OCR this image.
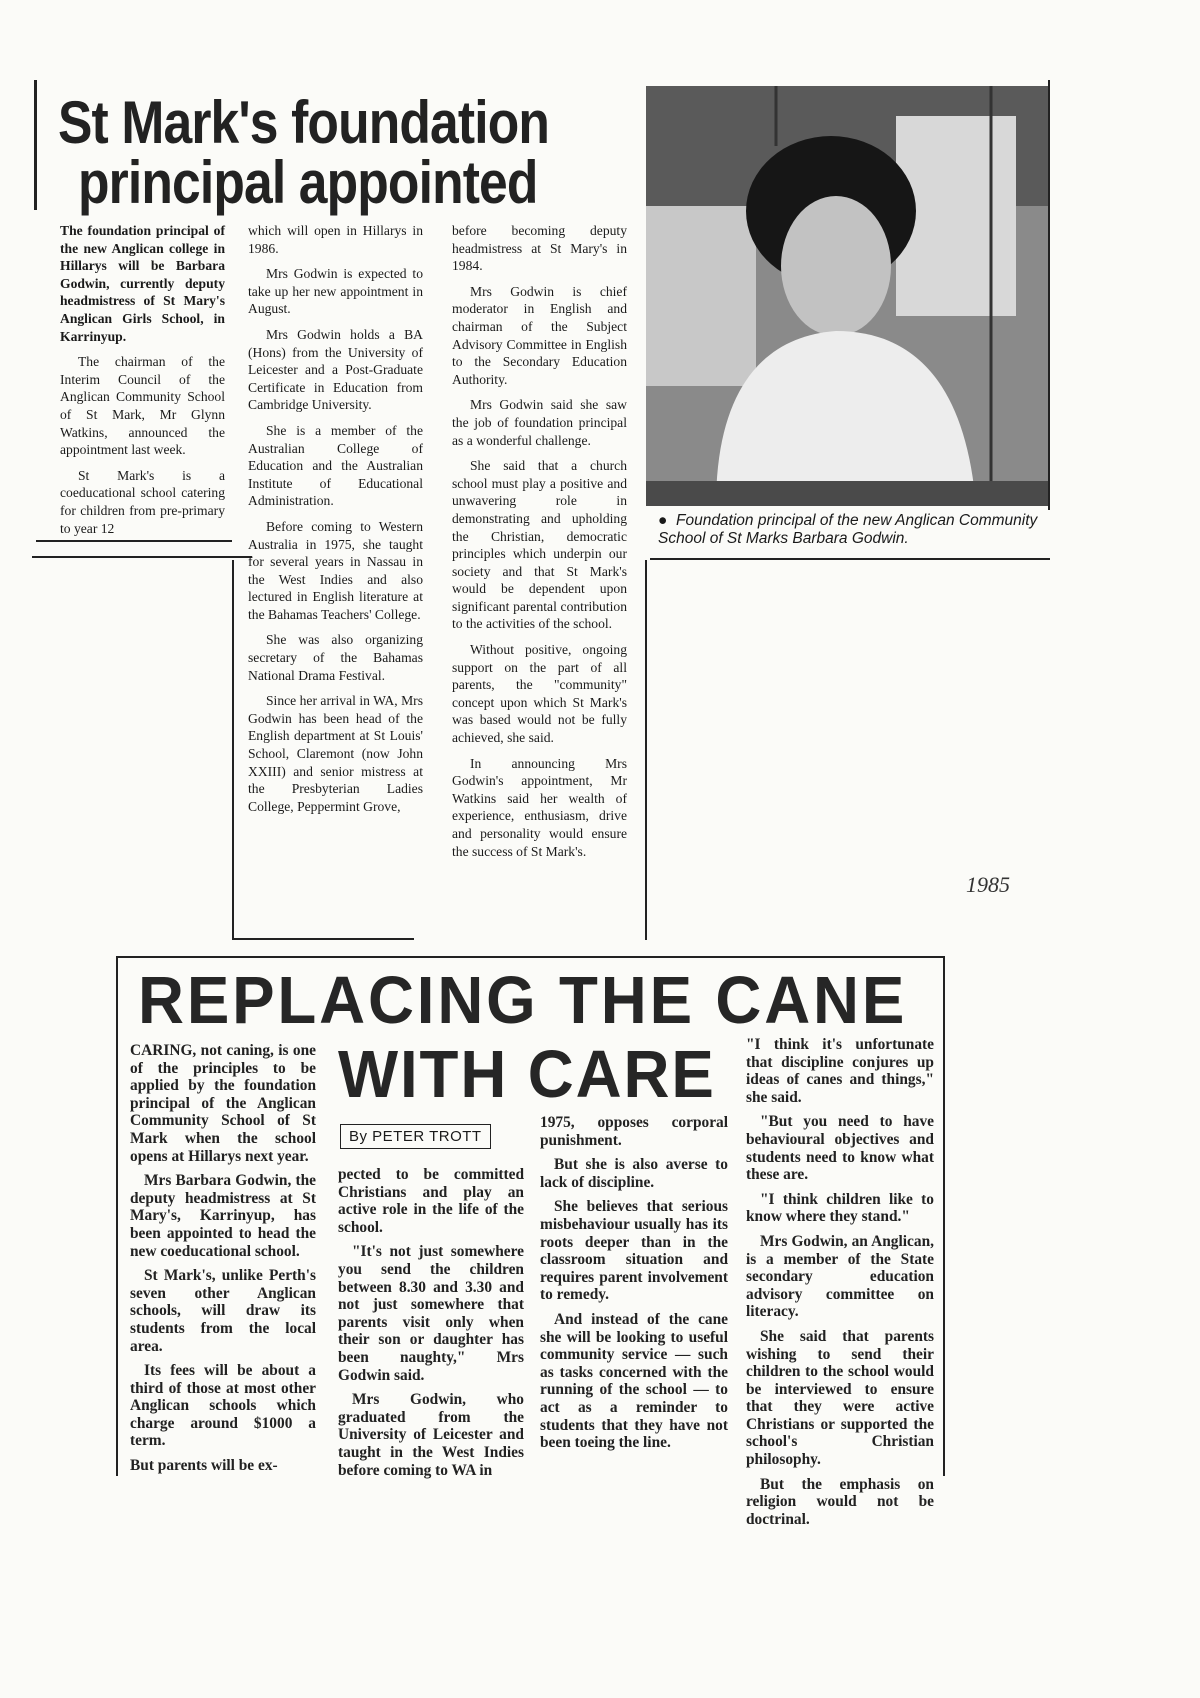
St Mark's foundation
principal appointed

The foundation principal of the new Anglican college in Hillarys will be Barbara Godwin, currently deputy headmistress of St Mary's Anglican Girls School, in Karrinyup.

The chairman of the Interim Council of the Anglican Community School of St Mark, Mr Glynn Watkins, announced the appointment last week.

St Mark's is a coeducational school catering for children from pre-primary to year 12

which will open in Hillarys in 1986.

Mrs Godwin is expected to take up her new appointment in August.

Mrs Godwin holds a BA (Hons) from the University of Leicester and a Post-Graduate Certificate in Education from Cambridge University.

She is a member of the Australian College of Education and the Australian Institute of Educational Administration.

Before coming to Western Australia in 1975, she taught for several years in Nassau in the West Indies and also lectured in English literature at the Bahamas Teachers' College.

She was also organizing secretary of the Bahamas National Drama Festival.

Since her arrival in WA, Mrs Godwin has been head of the English department at St Louis' School, Claremont (now John XXIII) and senior mistress at the Presbyterian Ladies College, Peppermint Grove,

before becoming deputy headmistress at St Mary's in 1984.

Mrs Godwin is chief moderator in English and chairman of the Subject Advisory Committee in English to the Secondary Education Authority.

Mrs Godwin said she saw the job of foundation principal as a wonderful challenge.

She said that a church school must play a positive and unwavering role in demonstrating and upholding the Christian, democratic principles which underpin our society and that St Mark's would be dependent upon significant parental contribution to the activities of the school.

Without positive, ongoing support on the part of all parents, the "community" concept upon which St Mark's was based would not be fully achieved, she said.

In announcing Mrs Godwin's appointment, Mr Watkins said her wealth of experience, enthusiasm, drive and personality would ensure the success of St Mark's.

●  Foundation principal of the new Anglican Community School of St Marks Barbara Godwin.
1985
REPLACING THE CANE
WITH CARE
By PETER TROTT

CARING, not caning, is one of the principles to be applied by the foundation principal of the Anglican Community School of St Mark when the school opens at Hillarys next year.

Mrs Barbara Godwin, the deputy headmistress at St Mary's, Karrinyup, has been appointed to head the new coeducational school.

St Mark's, unlike Perth's seven other Anglican schools, will draw its students from the local area.

Its fees will be about a third of those at most other Anglican schools which charge around $1000 a term.

But parents will be ex-

pected to be committed Christians and play an active role in the life of the school.

"It's not just somewhere you send the children between 8.30 and 3.30 and not just somewhere that parents visit only when their son or daughter has been naughty," Mrs Godwin said.

Mrs Godwin, who graduated from the University of Leicester and taught in the West Indies before coming to WA in

1975, opposes corporal punishment.

But she is also averse to lack of discipline.

She believes that serious misbehaviour usually has its roots deeper than in the classroom situation and requires parent involvement to remedy.

And instead of the cane she will be looking to useful community service — such as tasks concerned with the running of the school — to act as a reminder to students that they have not been toeing the line.

"I think it's unfortunate that discipline conjures up ideas of canes and things," she said.

"But you need to have behavioural objectives and students need to know what these are.

"I think children like to know where they stand."

Mrs Godwin, an Anglican, is a member of the State secondary education advisory committee on literacy.

She said that parents wishing to send their children to the school would be interviewed to ensure that they were active Christians or supported the school's Christian philosophy.

But the emphasis on religion would not be doctrinal.
